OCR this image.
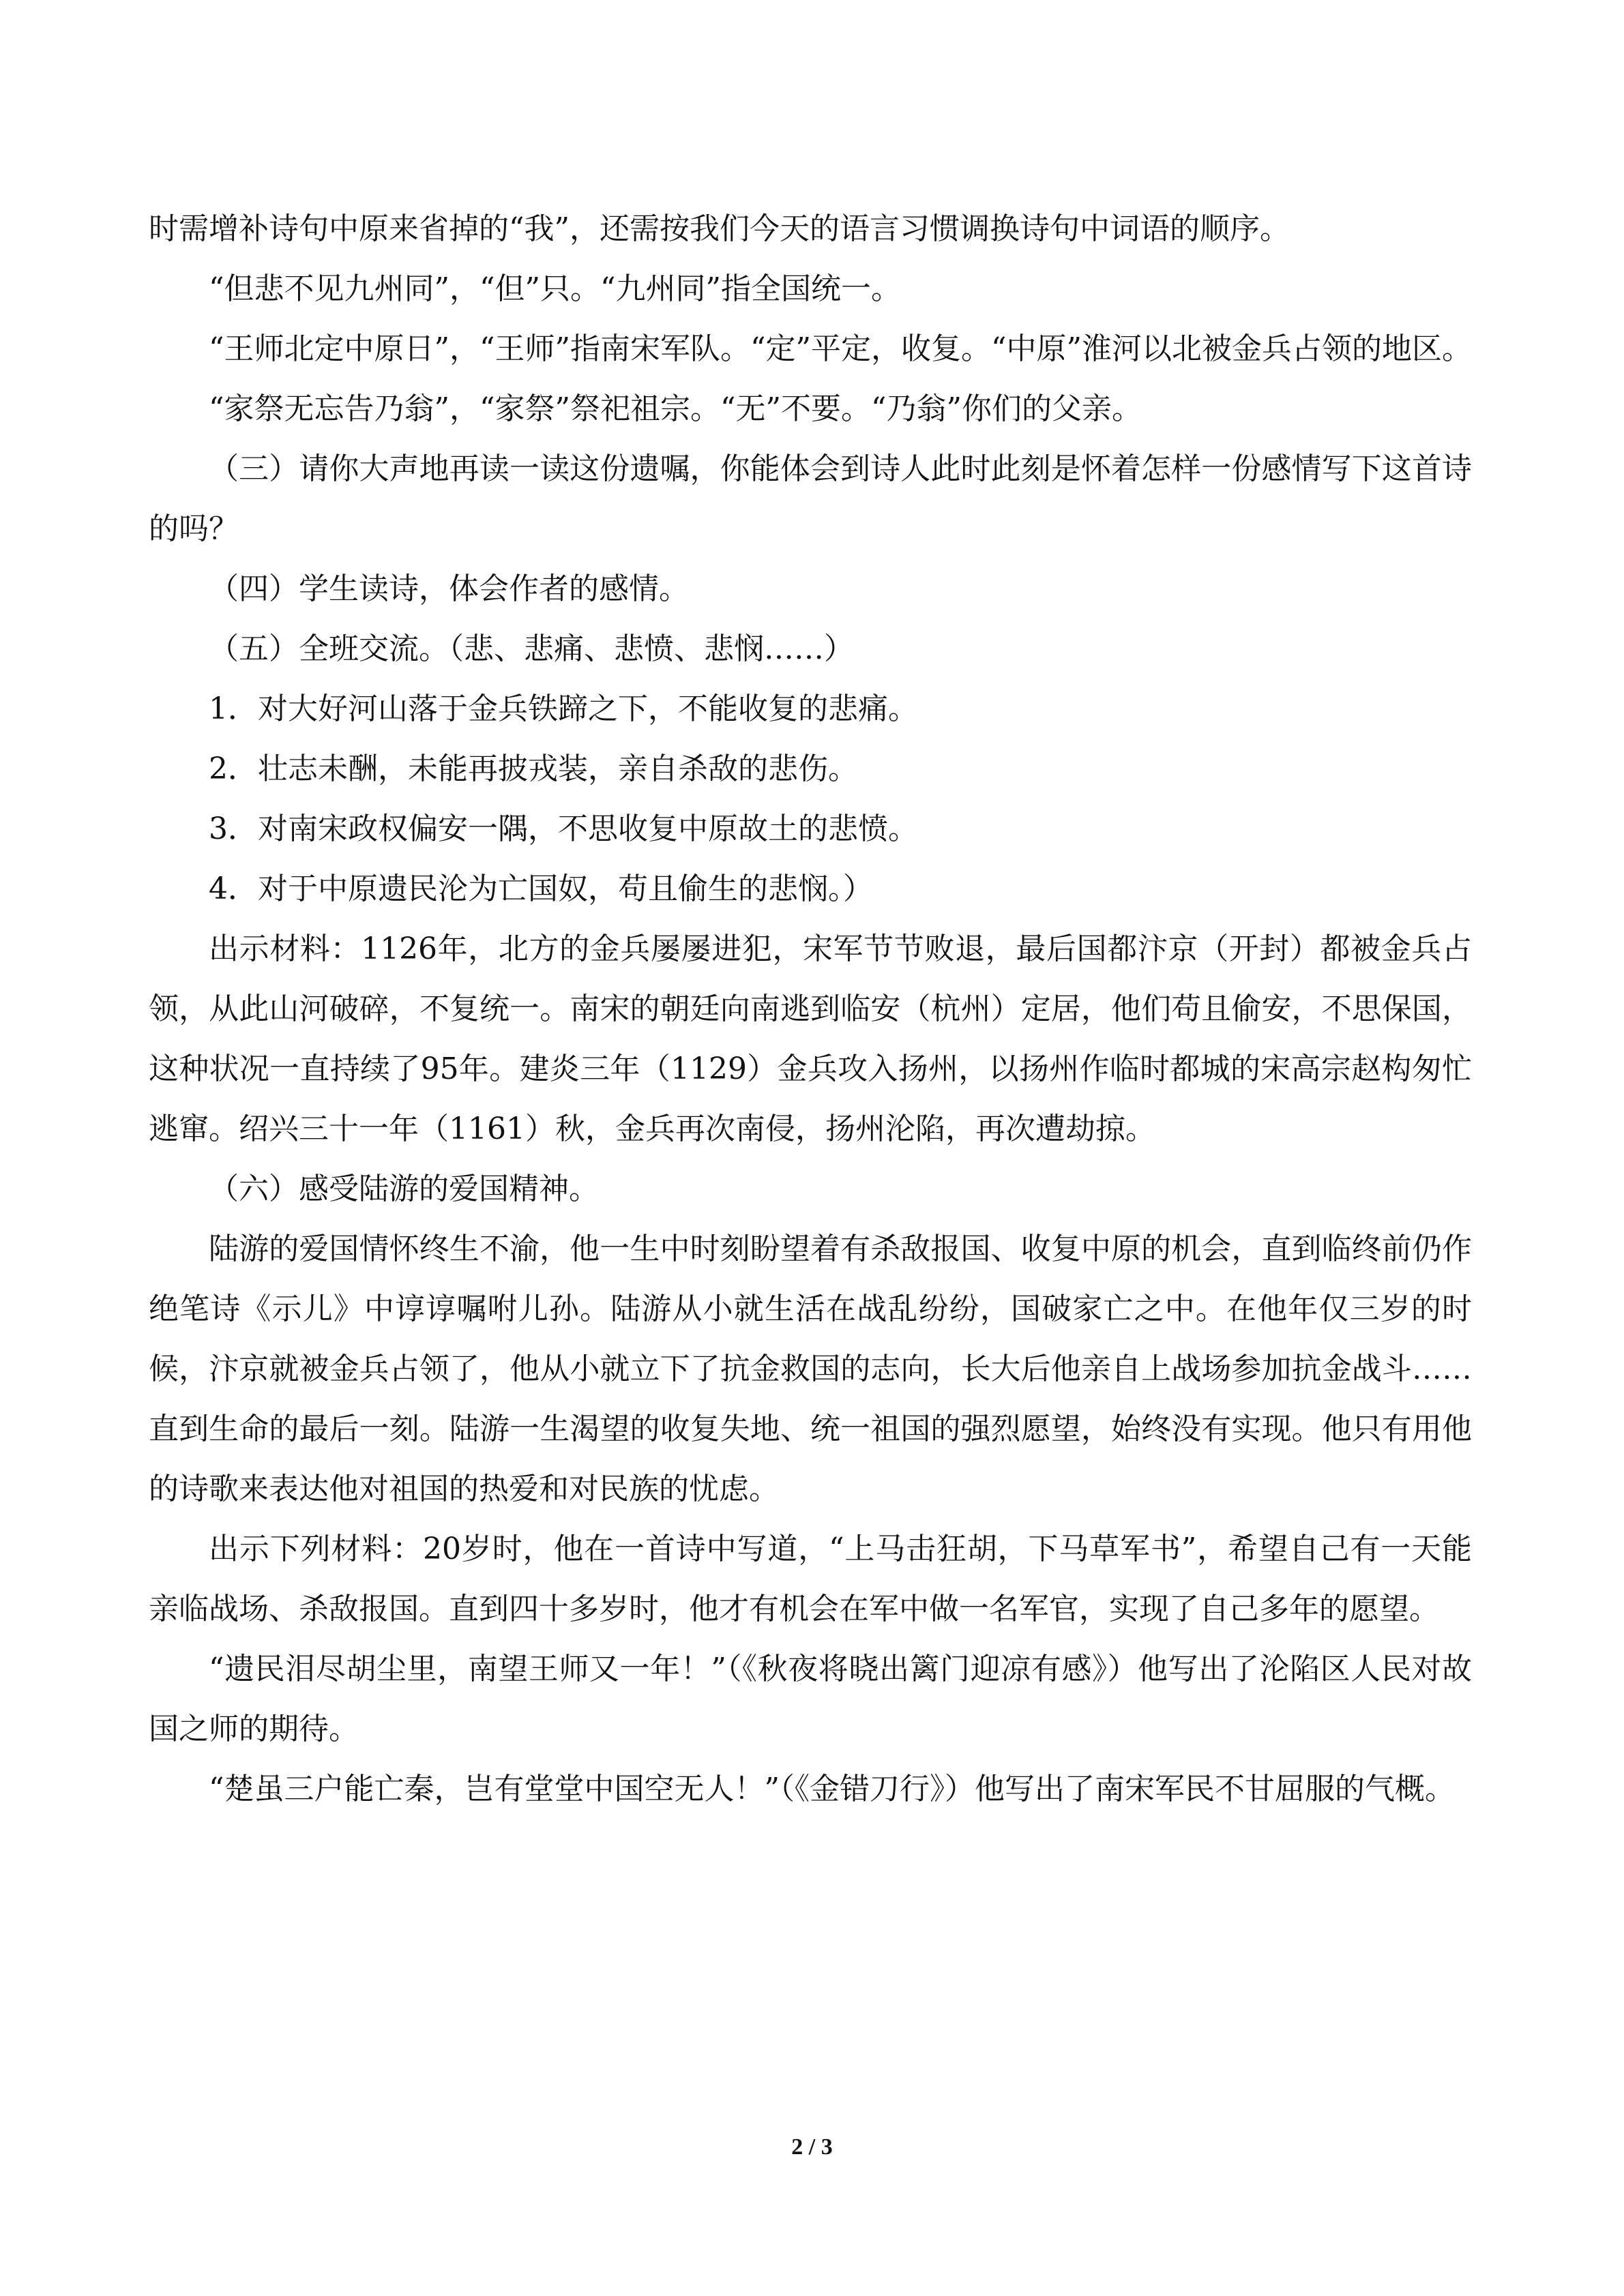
时需增补诗句中原来省掉的“我”，还需按我们今天的语言习惯调换诗句中词语的顺序。

“但悲不见九州同”，“但”只。“九州同”指全国统一。

“王师北定中原日”，“王师”指南宋军队。“定”平定，收复。“中原”淮河以北被金兵占领的地区。

“家祭无忘告乃翁”，“家祭”祭祀祖宗。“无”不要。“乃翁”你们的父亲。

（三）请你大声地再读一读这份遗嘱，你能体会到诗人此时此刻是怀着怎样一份感情写下这首诗的吗？

（四）学生读诗，体会作者的感情。

（五）全班交流。（悲、悲痛、悲愤、悲悯……）

1．对大好河山落于金兵铁蹄之下，不能收复的悲痛。

2．壮志未酬，未能再披戎装，亲自杀敌的悲伤。

3．对南宋政权偏安一隅，不思收复中原故土的悲愤。

4．对于中原遗民沦为亡国奴，苟且偷生的悲悯。）

出示材料：1126年，北方的金兵屡屡进犯，宋军节节败退，最后国都汴京（开封）都被金兵占领，从此山河破碎，不复统一。南宋的朝廷向南逃到临安（杭州）定居，他们苟且偷安，不思保国，这种状况一直持续了95年。建炎三年（1129）金兵攻入扬州，以扬州作临时都城的宋高宗赵构匆忙逃窜。绍兴三十一年（1161）秋，金兵再次南侵，扬州沦陷，再次遭劫掠。

（六）感受陆游的爱国精神。

陆游的爱国情怀终生不渝，他一生中时刻盼望着有杀敌报国、收复中原的机会，直到临终前仍作绝笔诗《示儿》中谆谆嘱咐儿孙。陆游从小就生活在战乱纷纷，国破家亡之中。在他年仅三岁的时候，汴京就被金兵占领了，他从小就立下了抗金救国的志向，长大后他亲自上战场参加抗金战斗……直到生命的最后一刻。陆游一生渴望的收复失地、统一祖国的强烈愿望，始终没有实现。他只有用他的诗歌来表达他对祖国的热爱和对民族的忧虑。

出示下列材料：20岁时，他在一首诗中写道，“上马击狂胡，下马草军书”，希望自己有一天能亲临战场、杀敌报国。直到四十多岁时，他才有机会在军中做一名军官，实现了自己多年的愿望。

“遗民泪尽胡尘里，南望王师又一年！”（《秋夜将晓出篱门迎凉有感》）他写出了沦陷区人民对故国之师的期待。

“楚虽三户能亡秦，岂有堂堂中国空无人！”（《金错刀行》）他写出了南宋军民不甘屈服的气概。

2 / 3
